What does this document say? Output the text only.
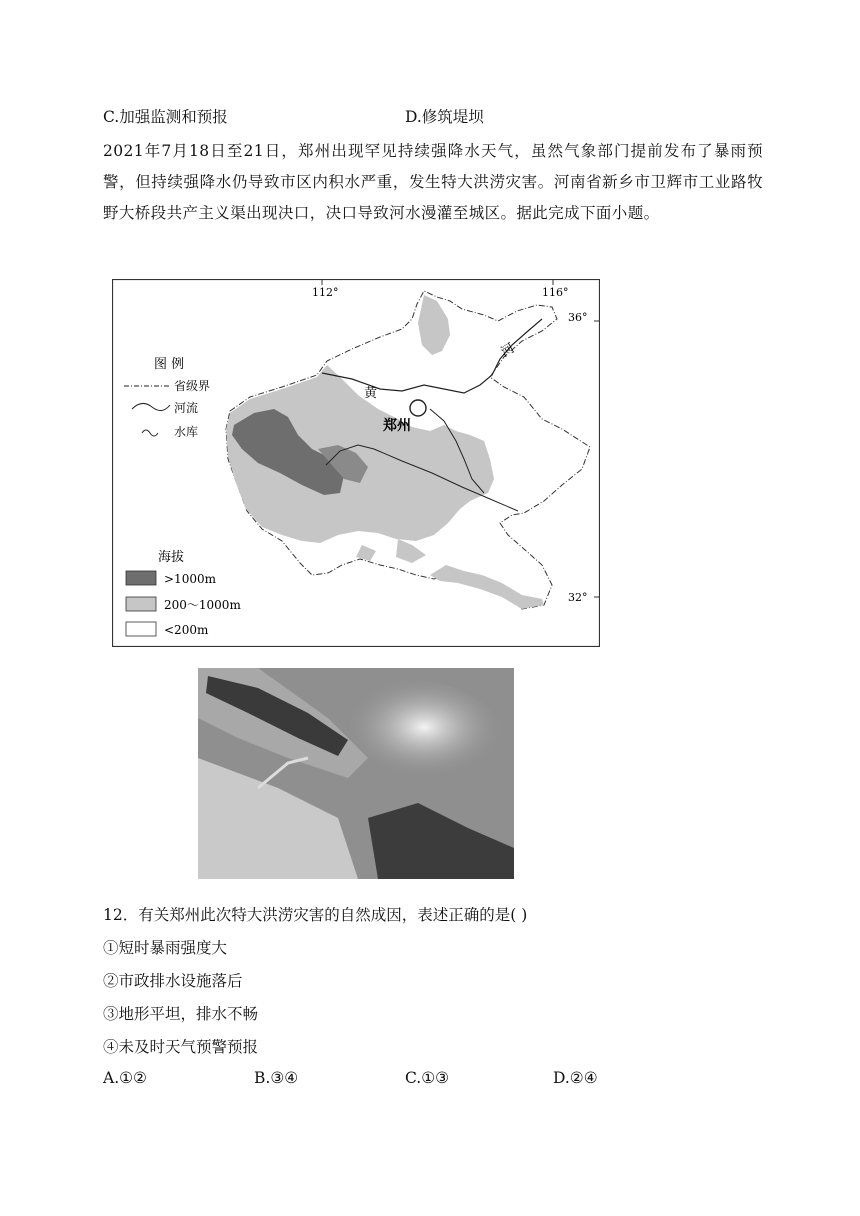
C.加强监测和预报	D.修筑堤坝
2021年7月18日至21日，郑州出现罕见持续强降水天气，虽然气象部门提前发布了暴雨预警，但持续强降水仍导致市区内积水严重，发生特大洪涝灾害。河南省新乡市卫辉市工业路牧野大桥段共产主义渠出现决口，决口导致河水漫灌至城区。据此完成下面小题。
112°	116°
36°
32°
郑州
河
黄
图 例
省级界
河流
水库
海拔
>1000m
200～1000m
<200m
12．有关郑州此次特大洪涝灾害的自然成因，表述正确的是( )
①短时暴雨强度大
②市政排水设施落后
③地形平坦，排水不畅
④未及时天气预警预报
A.①②	B.③④	C.①③	D.②④
